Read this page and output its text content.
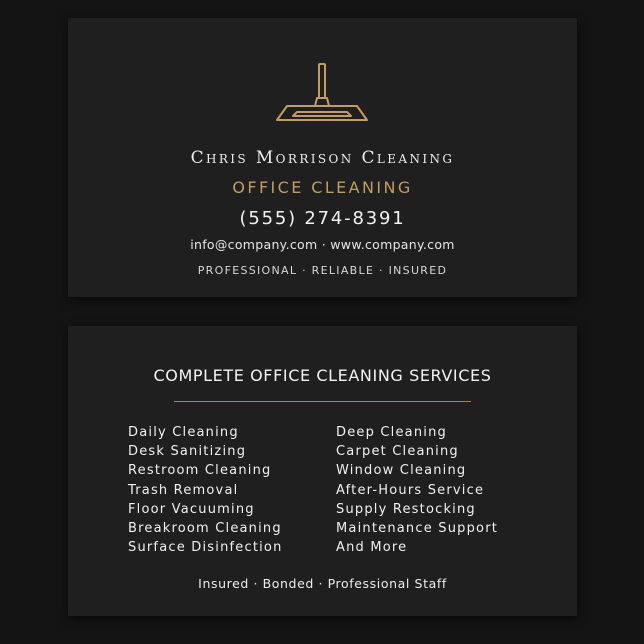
Chris Morrison Cleaning
OFFICE CLEANING
(555) 274-8391
info@company.com · www.company.com
PROFESSIONAL · RELIABLE · INSURED
COMPLETE OFFICE CLEANING SERVICES
Daily Cleaning
Desk Sanitizing
Restroom Cleaning
Trash Removal
Floor Vacuuming
Breakroom Cleaning
Surface Disinfection
Deep Cleaning
Carpet Cleaning
Window Cleaning
After-Hours Service
Supply Restocking
Maintenance Support
And More
Insured · Bonded · Professional Staff
